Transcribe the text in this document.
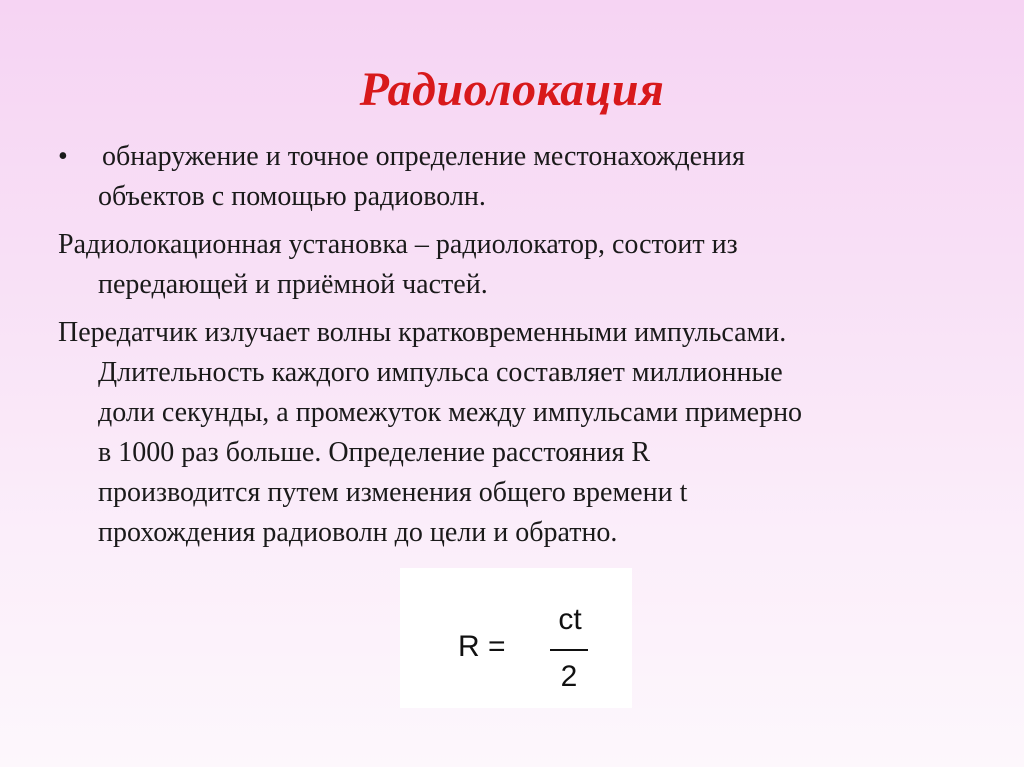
Радиолокация
•	обнаружение и точное определение местонахождения
объектов с помощью радиоволн.
Радиолокационная установка – радиолокатор, состоит из
передающей и приёмной частей.
Передатчик излучает волны кратковременными импульсами.
Длительность каждого импульса составляет миллионные
доли секунды, а промежуток между импульсами примерно
в 1000 раз больше. Определение расстояния R
производится путем изменения общего времени t
прохождения радиоволн до цели и обратно.
R =
ct
2
